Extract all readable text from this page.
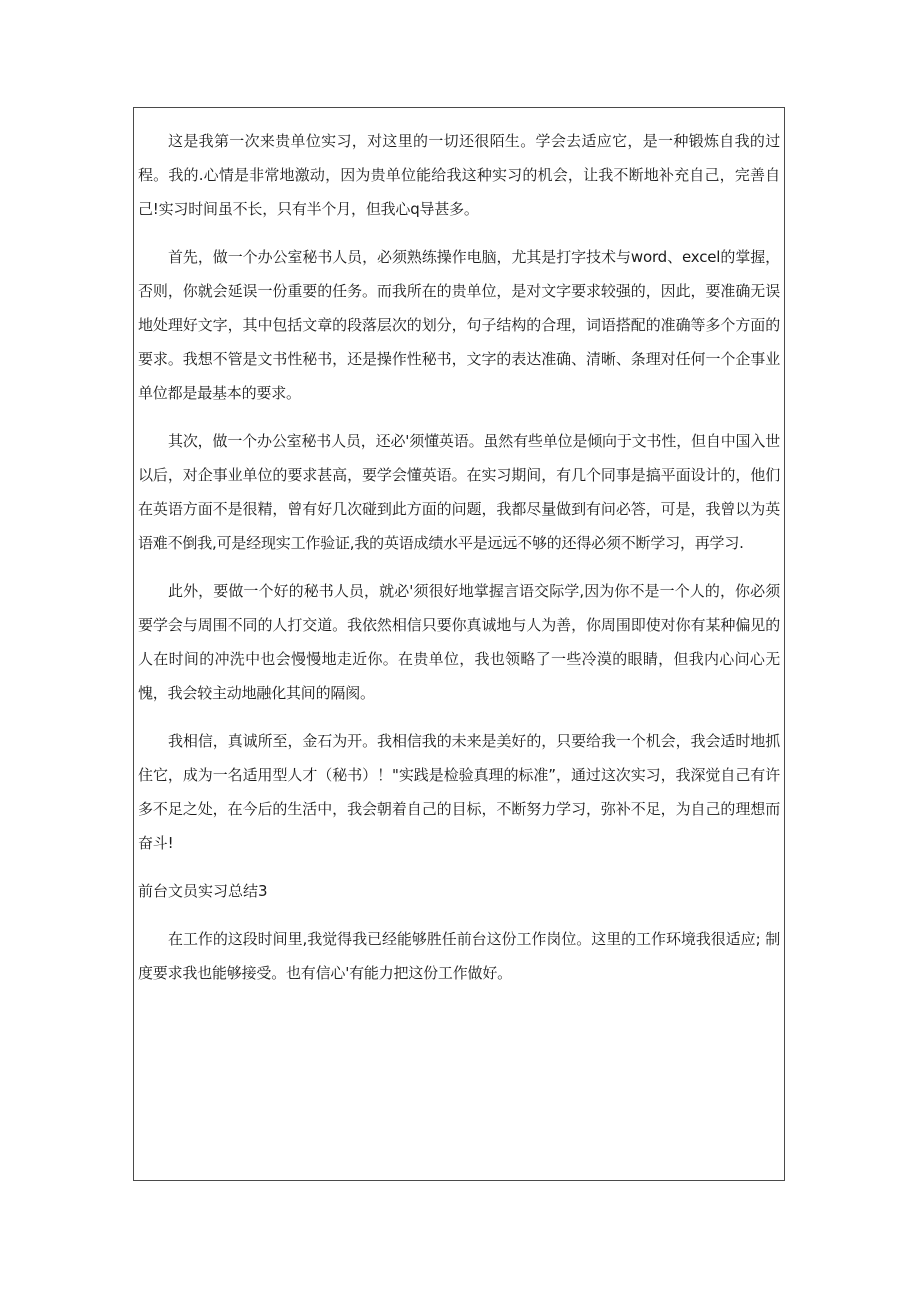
这是我第一次来贵单位实习，对这里的一切还很陌生。学会去适应它，是一种锻炼自我的过程。我的.心情是非常地激动，因为贵单位能给我这种实习的机会，让我不断地补充自己，完善自己!实习时间虽不长，只有半个月，但我心q导甚多。

首先，做一个办公室秘书人员，必须熟练操作电脑，尤其是打字技术与word、excel的掌握，否则，你就会延误一份重要的任务。而我所在的贵单位，是对文字要求较强的，因此，要准确无误地处理好文字，其中包括文章的段落层次的划分，句子结构的合理，词语搭配的准确等多个方面的要求。我想不管是文书性秘书，还是操作性秘书，文字的表达准确、清晰、条理对任何一个企事业单位都是最基本的要求。

其次，做一个办公室秘书人员，还必'须懂英语。虽然有些单位是倾向于文书性，但自中国入世以后，对企事业单位的要求甚高，要学会懂英语。在实习期间，有几个同事是搞平面设计的，他们在英语方面不是很精，曾有好几次碰到此方面的问题，我都尽量做到有问必答，可是，我曾以为英语难不倒我,可是经现实工作验证,我的英语成绩水平是远远不够的还得必须不断学习，再学习.

此外，要做一个好的秘书人员，就必'须很好地掌握言语交际学,因为你不是一个人的，你必须要学会与周围不同的人打交道。我依然相信只要你真诚地与人为善，你周围即使对你有某种偏见的人在时间的冲洗中也会慢慢地走近你。在贵单位，我也领略了一些冷漠的眼睛，但我内心问心无愧，我会较主动地融化其间的隔阂。

我相信，真诚所至，金石为开。我相信我的未来是美好的，只要给我一个机会，我会适时地抓住它，成为一名适用型人才（秘书）！"实践是检验真理的标准”，通过这次实习，我深觉自己有许多不足之处，在今后的生活中，我会朝着自己的目标，不断努力学习，弥补不足，为自己的理想而奋斗!

前台文员实习总结3

在工作的这段时间里,我觉得我已经能够胜任前台这份工作岗位。这里的工作环境我很适应; 制度要求我也能够接受。也有信心'有能力把这份工作做好。
